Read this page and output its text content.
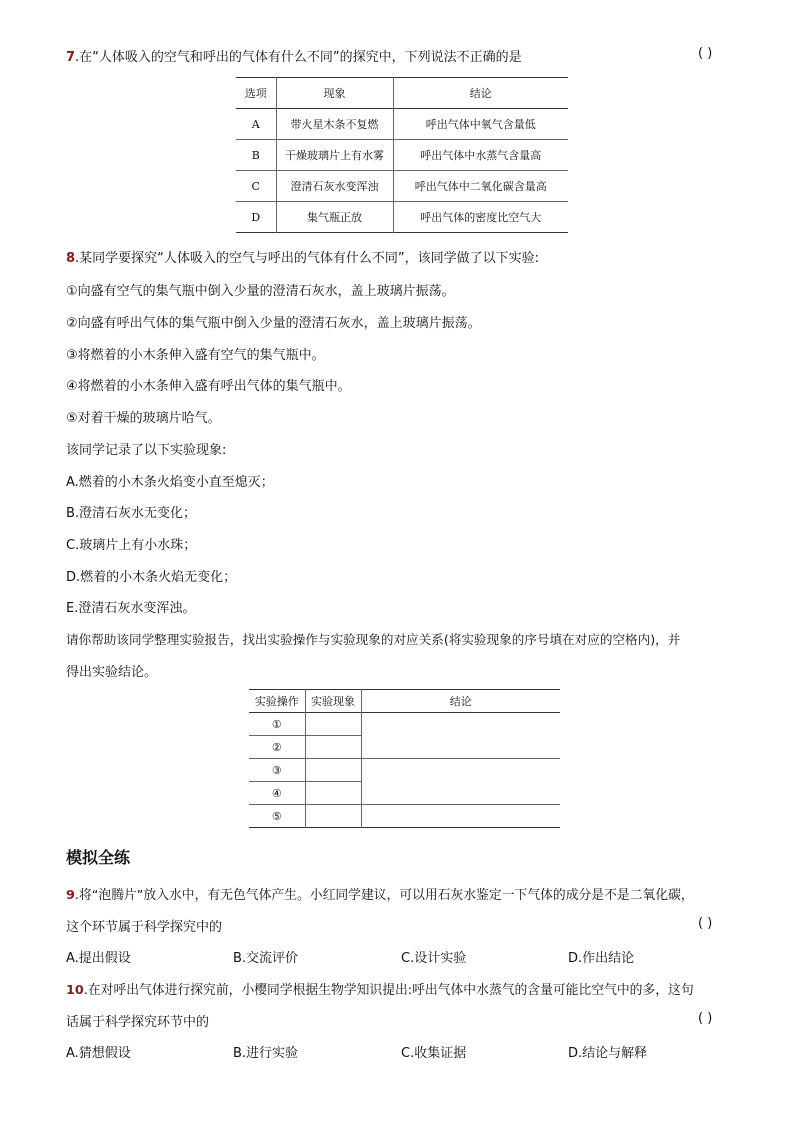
7.在“人体吸入的空气和呼出的气体有什么不同”的探究中，下列说法不正确的是	( )
选项	现象	结论
A	带火星木条不复燃	呼出气体中氧气含量低
B	干燥玻璃片上有水雾	呼出气体中水蒸气含量高
C	澄清石灰水变浑浊	呼出气体中二氧化碳含量高
D	集气瓶正放	呼出气体的密度比空气大
8.某同学要探究“人体吸入的空气与呼出的气体有什么不同”，该同学做了以下实验:
①向盛有空气的集气瓶中倒入少量的澄清石灰水，盖上玻璃片振荡。
②向盛有呼出气体的集气瓶中倒入少量的澄清石灰水，盖上玻璃片振荡。
③将燃着的小木条伸入盛有空气的集气瓶中。
④将燃着的小木条伸入盛有呼出气体的集气瓶中。
⑤对着干燥的玻璃片哈气。
该同学记录了以下实验现象:
A.燃着的小木条火焰变小直至熄灭；
B.澄清石灰水无变化；
C.玻璃片上有小水珠；
D.燃着的小木条火焰无变化；
E.澄清石灰水变浑浊。
请你帮助该同学整理实验报告，找出实验操作与实验现象的对应关系(将实验现象的序号填在对应的空格内)，并
得出实验结论。
实验操作	实验现象	结论
①		
②		
③		
④		
⑤		
模拟全练
9.将“泡腾片”放入水中，有无色气体产生。小红同学建议，可以用石灰水鉴定一下气体的成分是不是二氧化碳，
这个环节属于科学探究中的	( )
A.提出假设	B.交流评价	C.设计实验	D.作出结论
10.在对呼出气体进行探究前，小樱同学根据生物学知识提出:呼出气体中水蒸气的含量可能比空气中的多，这句
话属于科学探究环节中的	( )
A.猜想假设	B.进行实验	C.收集证据	D.结论与解释
